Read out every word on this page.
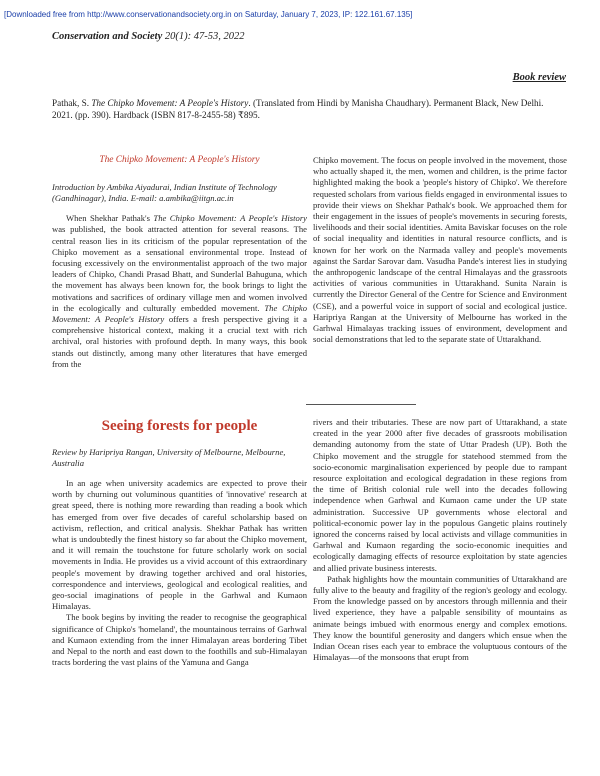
[Downloaded free from http://www.conservationandsociety.org.in on Saturday, January 7, 2023, IP: 122.161.67.135]
Conservation and Society 20(1): 47-53, 2022
Book review
Pathak, S. The Chipko Movement: A People's History. (Translated from Hindi by Manisha Chaudhary). Permanent Black, New Delhi. 2021. (pp. 390). Hardback (ISBN 817-8-2455-58) ₹895.
The Chipko Movement: A People's History
Introduction by Ambika Aiyadurai, Indian Institute of Technology (Gandhinagar), India. E-mail: a.ambika@iitgn.ac.in

When Shekhar Pathak's The Chipko Movement: A People's History was published, the book attracted attention for several reasons. The central reason lies in its criticism of the popular representation of the Chipko movement as a sensational environmental trope. Instead of focusing excessively on the environmentalist approach of the two major leaders of Chipko, Chandi Prasad Bhatt, and Sunderlal Bahuguna, which the movement has always been known for, the book brings to light the motivations and sacrifices of ordinary village men and women involved in the ecologically and culturally embedded movement. The Chipko Movement: A People's History offers a fresh perspective giving it a comprehensive historical context, making it a crucial text with rich archival, oral histories with profound depth. In many ways, this book stands out distinctly, among many other literatures that have emerged from the

Chipko movement. The focus on people involved in the movement, those who actually shaped it, the men, women and children, is the prime factor highlighted making the book a 'people's history of Chipko'. We therefore requested scholars from various fields engaged in environmental issues to provide their views on Shekhar Pathak's book. We approached them for their engagement in the issues of people's movements in securing forests, livelihoods and their social identities. Amita Baviskar focuses on the role of social inequality and identities in natural resource conflicts, and is known for her work on the Narmada valley and people's movements against the Sardar Sarovar dam. Vasudha Pande's interest lies in studying the anthropogenic landscape of the central Himalayas and the grassroots activities of various communities in Uttarakhand. Sunita Narain is currently the Director General of the Centre for Science and Environment (CSE), and a powerful voice in support of social and ecological justice. Haripriya Rangan at the University of Melbourne has worked in the Garhwal Himalayas tracking issues of environment, development and social demonstrations that led to the separate state of Uttarakhand.

Seeing forests for people
Review by Haripriya Rangan, University of Melbourne, Melbourne, Australia

In an age when university academics are expected to prove their worth by churning out voluminous quantities of 'innovative' research at great speed, there is nothing more rewarding than reading a book which has emerged from over five decades of careful scholarship based on activism, reflection, and critical analysis. Shekhar Pathak has written what is undoubtedly the finest history so far about the Chipko movement, and it will remain the touchstone for future scholarly work on social movements in India. He provides us a vivid account of this extraordinary people's movement by drawing together archived and oral histories, correspondence and interviews, geological and ecological realities, and geo-social imaginations of people in the Garhwal and Kumaon Himalayas.

The book begins by inviting the reader to recognise the geographical significance of Chipko's 'homeland', the mountainous terrains of Garhwal and Kumaon extending from the inner Himalayan areas bordering Tibet and Nepal to the north and east down to the foothills and sub-Himalayan tracts bordering the vast plains of the Yamuna and Ganga

rivers and their tributaries. These are now part of Uttarakhand, a state created in the year 2000 after five decades of grassroots mobilisation demanding autonomy from the state of Uttar Pradesh (UP). Both the Chipko movement and the struggle for statehood stemmed from the socio-economic marginalisation experienced by people due to rampant resource exploitation and ecological degradation in these regions from the time of British colonial rule well into the decades following independence when Garhwal and Kumaon came under the UP state administration. Successive UP governments whose electoral and political-economic power lay in the populous Gangetic plains routinely ignored the concerns raised by local activists and village communities in Garhwal and Kumaon regarding the socio-economic inequities and ecologically damaging effects of resource exploitation by state agencies and allied private business interests.

Pathak highlights how the mountain communities of Uttarakhand are fully alive to the beauty and fragility of the region's geology and ecology. From the knowledge passed on by ancestors through millennia and their lived experience, they have a palpable sensibility of mountains as animate beings imbued with enormous energy and complex emotions. They know the bountiful generosity and dangers which ensue when the Indian Ocean rises each year to embrace the voluptuous contours of the Himalayas—of the monsoons that erupt from
